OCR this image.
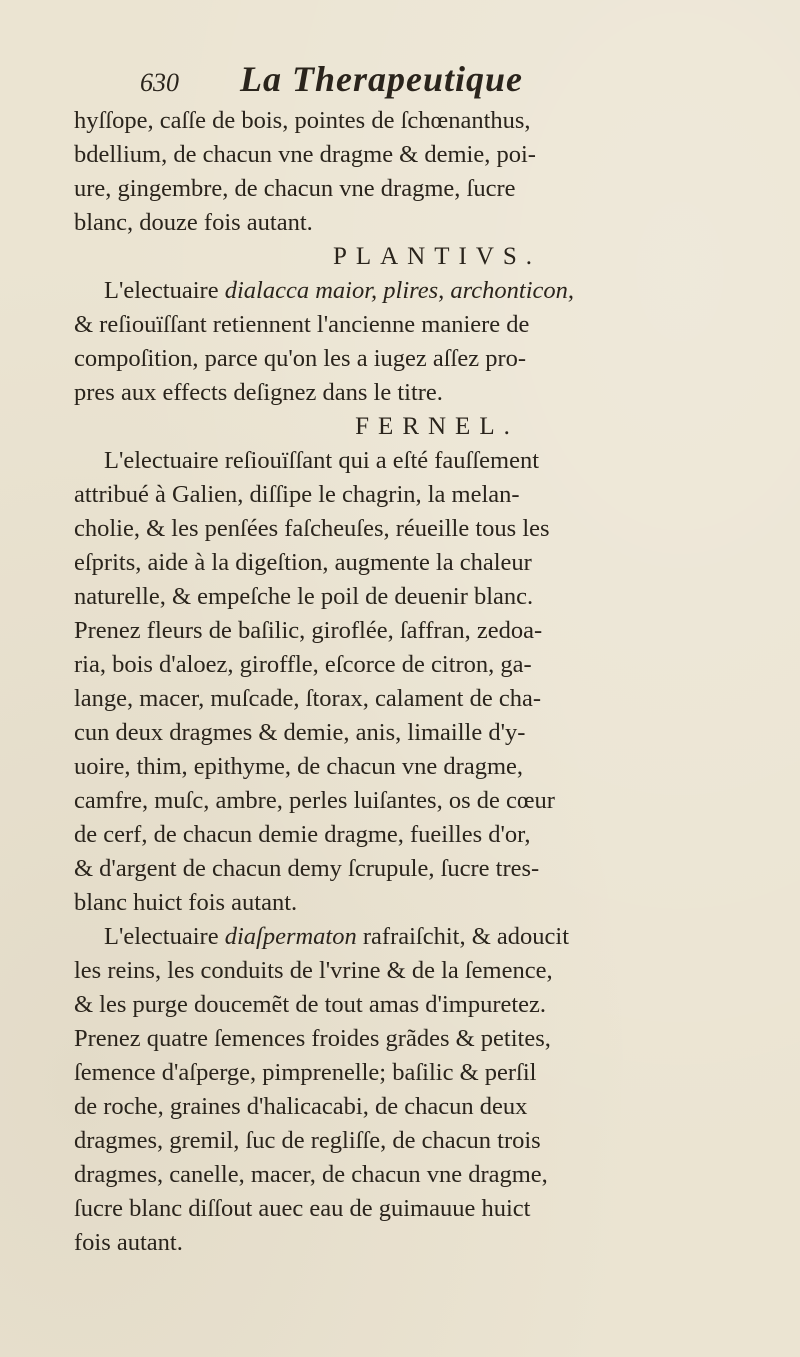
630	La Therapeutique
hyſſope, caſſe de bois, pointes de ſchœnanthus,
bdellium, de chacun vne dragme & demie, poi-
ure, gingembre, de chacun vne dragme, ſucre
blanc, douze fois autant.
PLANTIVS.
L'electuaire dialacca maior, plires, archonticon,
& reſiouïſſant retiennent l'ancienne maniere de
compoſition, parce qu'on les a iugez aſſez pro-
pres aux effects deſignez dans le titre.
FERNEL.
L'electuaire reſiouïſſant qui a eſté fauſſement
attribué à Galien, diſſipe le chagrin, la melan-
cholie, & les penſées faſcheuſes, réueille tous les
eſprits, aide à la digeſtion, augmente la chaleur
naturelle, & empeſche le poil de deuenir blanc.
Prenez fleurs de baſilic, giroflée, ſaffran, zedoa-
ria, bois d'aloez, giroffle, eſcorce de citron, ga-
lange, macer, muſcade, ſtorax, calament de cha-
cun deux dragmes & demie, anis, limaille d'y-
uoire, thim, epithyme, de chacun vne dragme,
camfre, muſc, ambre, perles luiſantes, os de cœur
de cerf, de chacun demie dragme, fueilles d'or,
& d'argent de chacun demy ſcrupule, ſucre tres-
blanc huict fois autant.
L'electuaire diaſpermaton rafraiſchit, & adoucit
les reins, les conduits de l'vrine & de la ſemence,
& les purge doucemẽt de tout amas d'impuretez.
Prenez quatre ſemences froides grãdes & petites,
ſemence d'aſperge, pimprenelle; baſilic & perſil
de roche, graines d'halicacabi, de chacun deux
dragmes, gremil, ſuc de regliſſe, de chacun trois
dragmes, canelle, macer, de chacun vne dragme,
ſucre blanc diſſout auec eau de guimauue huict
fois autant.
